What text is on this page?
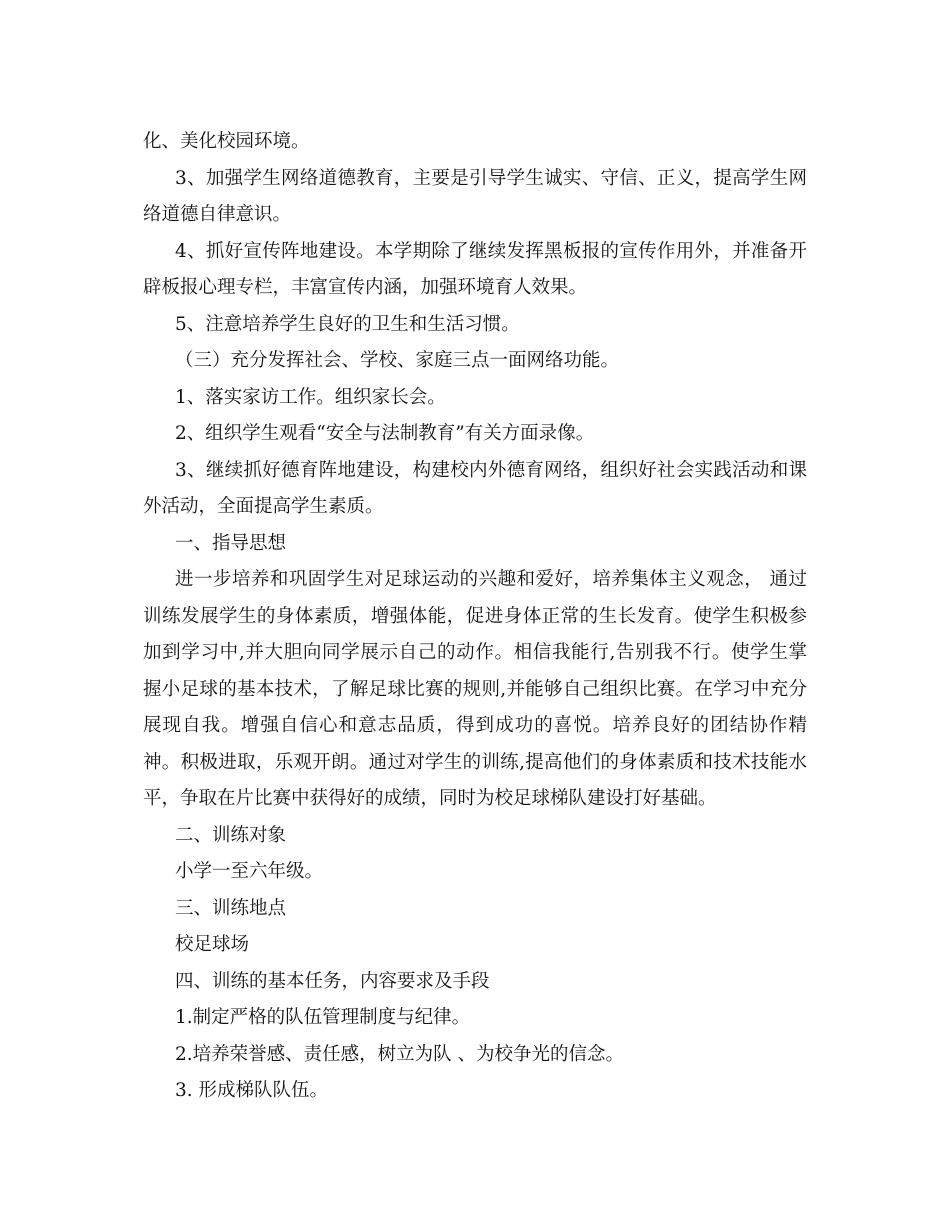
化、美化校园环境。
3、加强学生网络道德教育，主要是引导学生诚实、守信、正义，提高学生网
络道德自律意识。
4、抓好宣传阵地建设。本学期除了继续发挥黑板报的宣传作用外，并准备开
辟板报心理专栏，丰富宣传内涵，加强环境育人效果。
5、注意培养学生良好的卫生和生活习惯。
（三）充分发挥社会、学校、家庭三点一面网络功能。
1、落实家访工作。组织家长会。
2、组织学生观看“安全与法制教育”有关方面录像。
3、继续抓好德育阵地建设，构建校内外德育网络，组织好社会实践活动和课
外活动，全面提高学生素质。
一、指导思想
进一步培养和巩固学生对足球运动的兴趣和爱好，培养集体主义观念， 通过
训练发展学生的身体素质，增强体能，促进身体正常的生长发育。使学生积极参
加到学习中,并大胆向同学展示自己的动作。相信我能行,告别我不行。使学生掌
握小足球的基本技术，了解足球比赛的规则,并能够自己组织比赛。在学习中充分
展现自我。增强自信心和意志品质，得到成功的喜悦。培养良好的团结协作精
神。积极进取，乐观开朗。通过对学生的训练,提高他们的身体素质和技术技能水
平，争取在片比赛中获得好的成绩，同时为校足球梯队建设打好基础。
二、训练对象
小学一至六年级。
三、训练地点
校足球场
四、训练的基本任务，内容要求及手段
1.制定严格的队伍管理制度与纪律。
2.培养荣誉感、责任感，树立为队 、为校争光的信念。
3. 形成梯队队伍。
